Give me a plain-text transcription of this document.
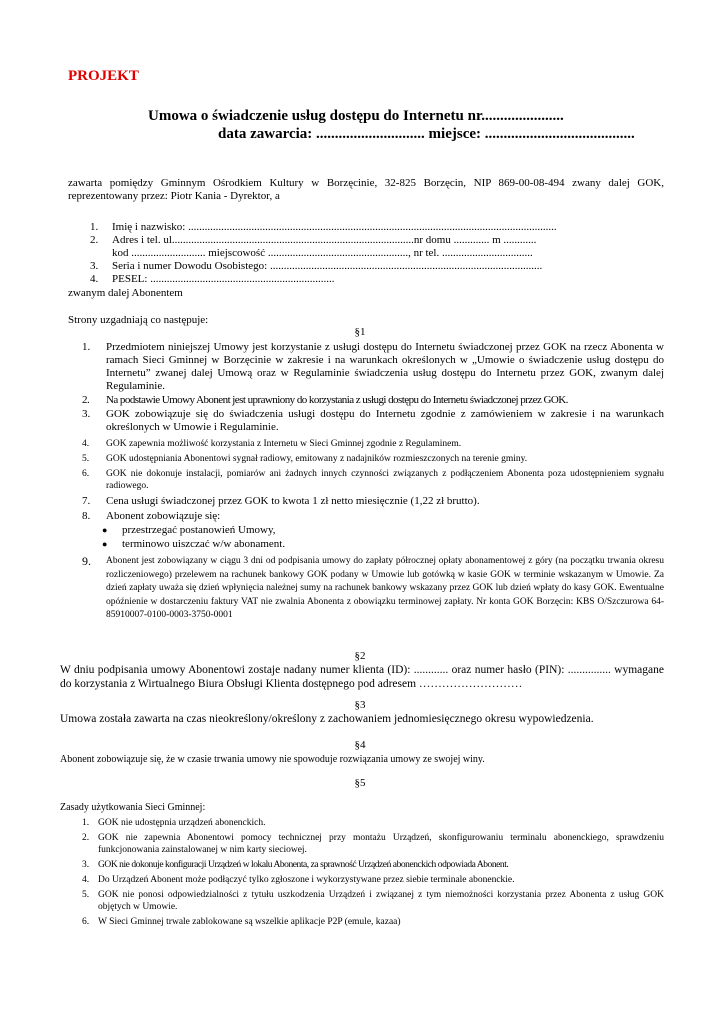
PROJEKT
Umowa o świadczenie usług dostępu do Internetu nr......................
data zawarcia: ............................. miejsce: ........................................
zawarta pomiędzy Gminnym Ośrodkiem Kultury w Borzęcinie, 32-825 Borzęcin, NIP 869-00-08-494 zwany dalej GOK, reprezentowany przez: Piotr Kania - Dyrektor, a
1. Imię i nazwisko: ......................................................................................................................................
2. Adres i tel. ul........................................................................................nr domu ............. m ............
kod ........................... miejscowość ..................................................., nr tel. .................................
3. Seria i numer Dowodu Osobistego: ...................................................................................................
4. PESEL: ...................................................................
zwanym dalej Abonentem
Strony uzgadniają co następuje:
§1
1. Przedmiotem niniejszej Umowy jest korzystanie z usługi dostępu do Internetu świadczonej przez GOK na rzecz Abonenta w ramach Sieci Gminnej w Borzęcinie w zakresie i na warunkach określonych w „Umowie o świadczenie usług dostępu do Internetu” zwanej dalej Umową oraz w Regulaminie świadczenia usług dostępu do Internetu przez GOK, zwanym dalej Regulaminie.
2. Na podstawie Umowy Abonent jest uprawniony do korzystania z usługi dostępu do Internetu świadczonej przez GOK.
3. GOK zobowiązuje się do świadczenia usługi dostępu do Internetu zgodnie z zamówieniem w zakresie i na warunkach określonych w Umowie i Regulaminie.
4. GOK zapewnia możliwość korzystania z Internetu w Sieci Gminnej zgodnie z Regulaminem.
5. GOK udostępniania Abonentowi sygnał radiowy, emitowany z nadajników rozmieszczonych na terenie gminy.
6. GOK nie dokonuje instalacji, pomiarów ani żadnych innych czynności związanych z podłączeniem Abonenta poza udostępnieniem sygnału radiowego.
7. Cena usługi świadczonej przez GOK to kwota 1 zł netto miesięcznie (1,22 zł brutto).
8. Abonent zobowiązuje się:
● przestrzegać postanowień Umowy,
● terminowo uiszczać w/w abonament.
9. Abonent jest zobowiązany w ciągu 3 dni od podpisania umowy do zapłaty półrocznej opłaty abonamentowej z góry (na początku trwania okresu rozliczeniowego) przelewem na rachunek bankowy GOK podany w Umowie lub gotówką w kasie GOK w terminie wskazanym w Umowie. Za dzień zapłaty uważa się dzień wpłynięcia należnej sumy na rachunek bankowy wskazany przez GOK lub dzień wpłaty do kasy GOK. Ewentualne opóźnienie w dostarczeniu faktury VAT nie zwalnia Abonenta z obowiązku terminowej zapłaty. Nr konta GOK Borzęcin: KBS O/Szczurowa 64-85910007-0100-0003-3750-0001
§2
W dniu podpisania umowy Abonentowi zostaje nadany numer klienta (ID): ............ oraz numer hasło (PIN): ............... wymagane do korzystania z Wirtualnego Biura Obsługi Klienta dostępnego pod adresem ………………………
§3
Umowa została zawarta na czas nieokreślony/określony z zachowaniem jednomiesięcznego okresu wypowiedzenia.
§4
Abonent zobowiązuje się, że w czasie trwania umowy nie spowoduje rozwiązania umowy ze swojej winy.
§5
Zasady użytkowania Sieci Gminnej:
1. GOK nie udostępnia urządzeń abonenckich.
2. GOK nie zapewnia Abonentowi pomocy technicznej przy montażu Urządzeń, skonfigurowaniu terminalu abonenckiego, sprawdzeniu funkcjonowania zainstalowanej w nim karty sieciowej.
3. GOK nie dokonuje konfiguracji Urządzeń w lokalu Abonenta, za sprawność Urządzeń abonenckich odpowiada Abonent.
4. Do Urządzeń Abonent może podłączyć tylko zgłoszone i wykorzystywane przez siebie terminale abonenckie.
5. GOK nie ponosi odpowiedzialności z tytułu uszkodzenia Urządzeń i związanej z tym niemożności korzystania przez Abonenta z usług GOK objętych w Umowie.
6. W Sieci Gminnej trwale zablokowane są wszelkie aplikacje P2P (emule, kazaa)
